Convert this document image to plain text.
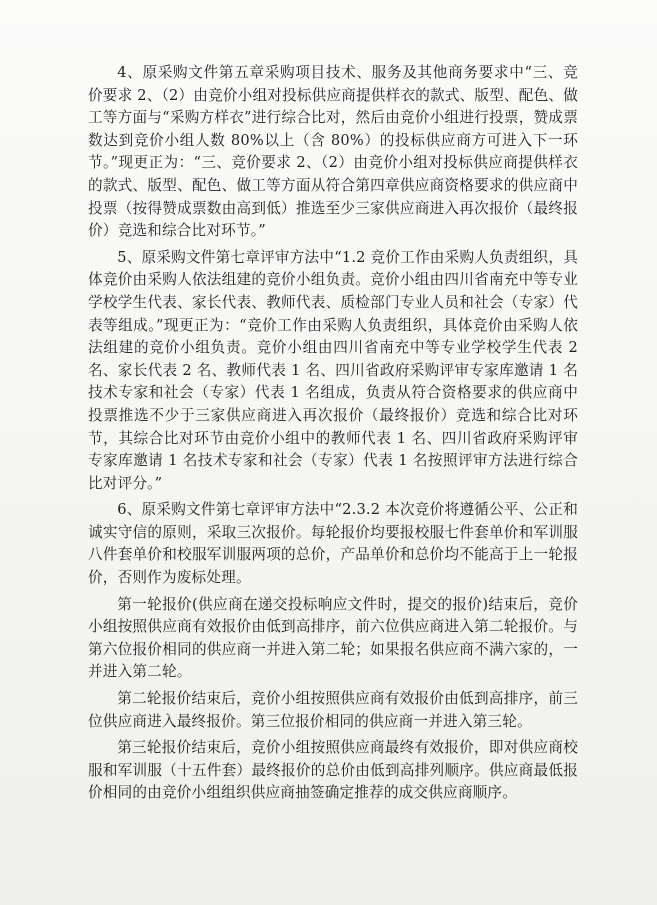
4、原采购文件第五章采购项目技术、服务及其他商务要求中“三、竞价要求 2、（2）由竞价小组对投标供应商提供样衣的款式、版型、配色、做工等方面与“采购方样衣”进行综合比对，然后由竞价小组进行投票，赞成票数达到竞价小组人数 80%以上（含 80%）的投标供应商方可进入下一环节。”现更正为：“三、竞价要求 2、（2）由竞价小组对投标供应商提供样衣的款式、版型、配色、做工等方面从符合第四章供应商资格要求的供应商中投票（按得赞成票数由高到低）推选至少三家供应商进入再次报价（最终报价）竞选和综合比对环节。”

5、原采购文件第七章评审方法中“1.2 竞价工作由采购人负责组织，具体竞价由采购人依法组建的竞价小组负责。竞价小组由四川省南充中等专业学校学生代表、家长代表、教师代表、质检部门专业人员和社会（专家）代表等组成。”现更正为：“竞价工作由采购人负责组织，具体竞价由采购人依法组建的竞价小组负责。竞价小组由四川省南充中等专业学校学生代表 2 名、家长代表 2 名、教师代表 1 名、四川省政府采购评审专家库邀请 1 名技术专家和社会（专家）代表 1 名组成，负责从符合资格要求的供应商中投票推选不少于三家供应商进入再次报价（最终报价）竞选和综合比对环节，其综合比对环节由竞价小组中的教师代表 1 名、四川省政府采购评审专家库邀请 1 名技术专家和社会（专家）代表 1 名按照评审方法进行综合比对评分。”

6、原采购文件第七章评审方法中“2.3.2 本次竞价将遵循公平、公正和诚实守信的原则，采取三次报价。每轮报价均要报校服七件套单价和军训服八件套单价和校服军训服两项的总价，产品单价和总价均不能高于上一轮报价，否则作为废标处理。

第一轮报价(供应商在递交投标响应文件时，提交的报价)结束后，竞价小组按照供应商有效报价由低到高排序，前六位供应商进入第二轮报价。与第六位报价相同的供应商一并进入第二轮；如果报名供应商不满六家的，一并进入第二轮。

第二轮报价结束后，竞价小组按照供应商有效报价由低到高排序，前三位供应商进入最终报价。第三位报价相同的供应商一并进入第三轮。

第三轮报价结束后，竞价小组按照供应商最终有效报价，即对供应商校服和军训服（十五件套）最终报价的总价由低到高排列顺序。供应商最低报价相同的由竞价小组组织供应商抽签确定推荐的成交供应商顺序。
